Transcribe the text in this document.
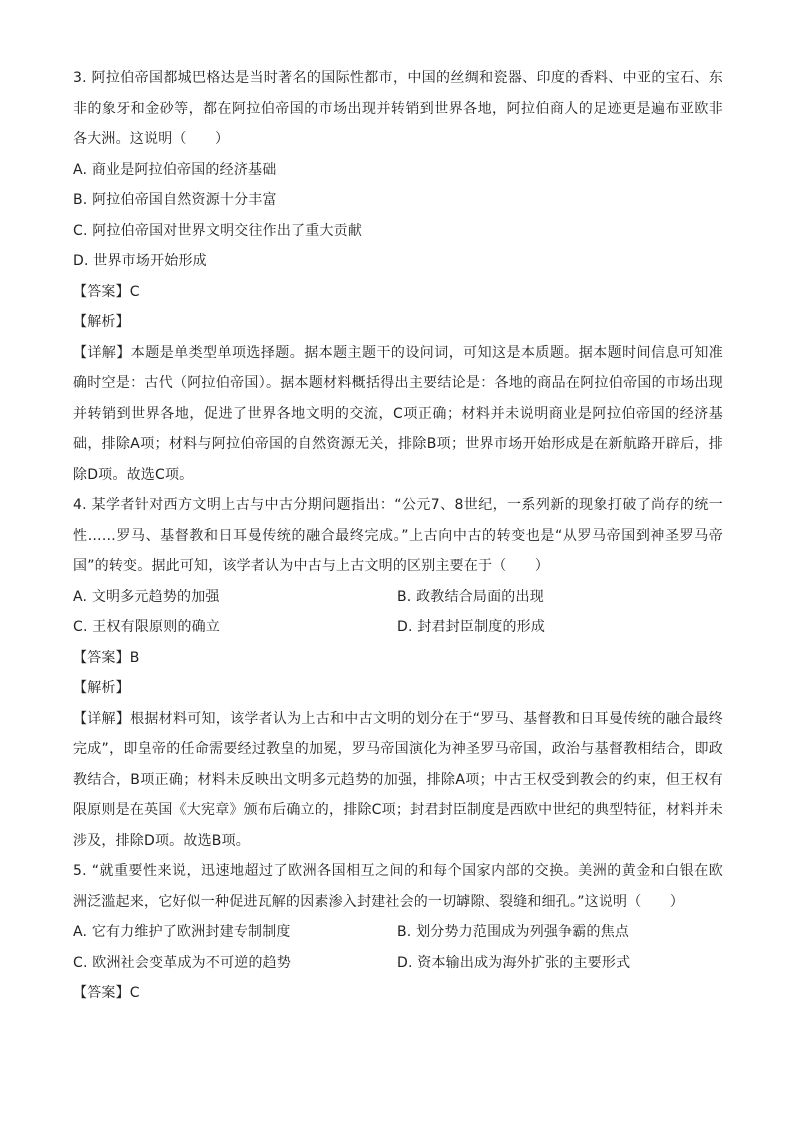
3. 阿拉伯帝国都城巴格达是当时著名的国际性都市，中国的丝绸和瓷器、印度的香料、中亚的宝石、东非的象牙和金砂等，都在阿拉伯帝国的市场出现并转销到世界各地，阿拉伯商人的足迹更是遍布亚欧非各大洲。这说明（　　）

A. 商业是阿拉伯帝国的经济基础

B. 阿拉伯帝国自然资源十分丰富

C. 阿拉伯帝国对世界文明交往作出了重大贡献

D. 世界市场开始形成

【答案】C

【解析】

【详解】本题是单类型单项选择题。据本题主题干的设问词，可知这是本质题。据本题时间信息可知准确时空是：古代（阿拉伯帝国）。据本题材料概括得出主要结论是：各地的商品在阿拉伯帝国的市场出现并转销到世界各地，促进了世界各地文明的交流，C项正确；材料并未说明商业是阿拉伯帝国的经济基础，排除A项；材料与阿拉伯帝国的自然资源无关，排除B项；世界市场开始形成是在新航路开辟后，排除D项。故选C项。

4. 某学者针对西方文明上古与中古分期问题指出：“公元7、8世纪，一系列新的现象打破了尚存的统一性……罗马、基督教和日耳曼传统的融合最终完成。”上古向中古的转变也是“从罗马帝国到神圣罗马帝国”的转变。据此可知，该学者认为中古与上古文明的区别主要在于（　　）

A. 文明多元趋势的加强	B. 政教结合局面的出现

C. 王权有限原则的确立	D. 封君封臣制度的形成

【答案】B

【解析】

【详解】根据材料可知，该学者认为上古和中古文明的划分在于“罗马、基督教和日耳曼传统的融合最终完成”，即皇帝的任命需要经过教皇的加冕，罗马帝国演化为神圣罗马帝国，政治与基督教相结合，即政教结合，B项正确；材料未反映出文明多元趋势的加强，排除A项；中古王权受到教会的约束，但王权有限原则是在英国《大宪章》颁布后确立的，排除C项；封君封臣制度是西欧中世纪的典型特征，材料并未涉及，排除D项。故选B项。

5. “就重要性来说，迅速地超过了欧洲各国相互之间的和每个国家内部的交换。美洲的黄金和白银在欧洲泛滥起来，它好似一种促进瓦解的因素渗入封建社会的一切罅隙、裂缝和细孔。”这说明（　　）

A. 它有力维护了欧洲封建专制制度	B. 划分势力范围成为列强争霸的焦点

C. 欧洲社会变革成为不可逆的趋势	D. 资本输出成为海外扩张的主要形式

【答案】C
